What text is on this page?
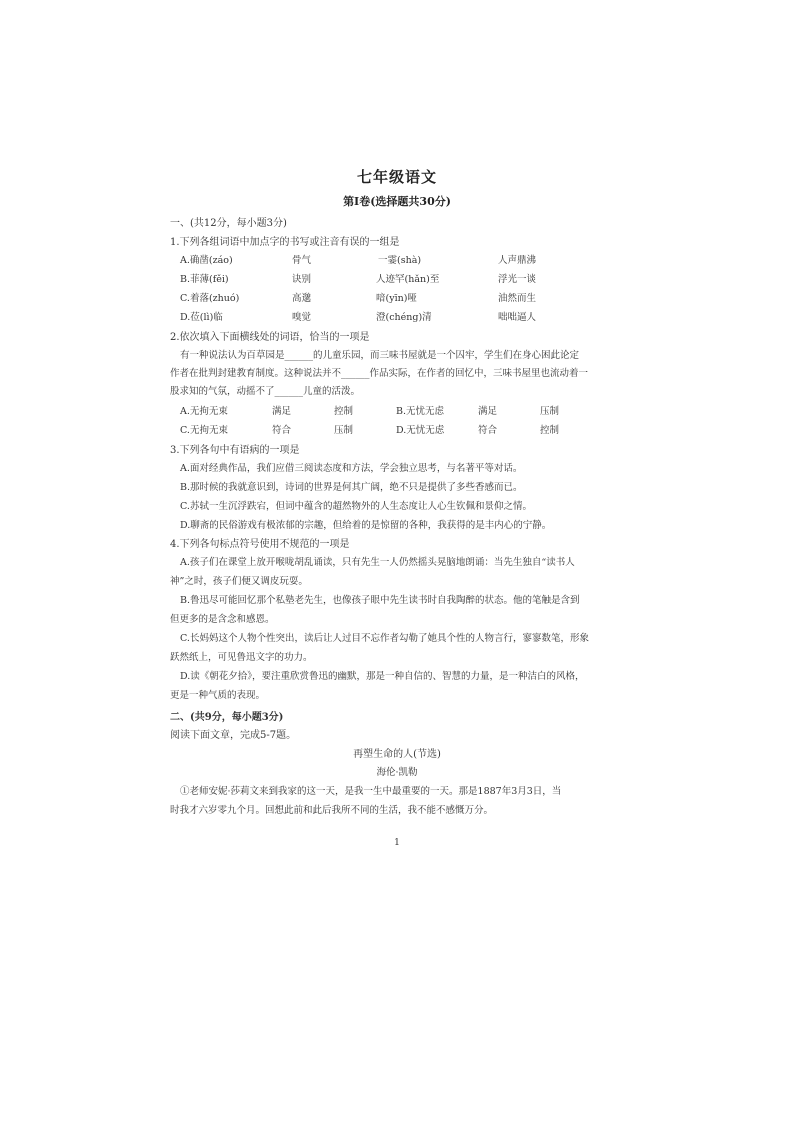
七年级语文
第Ⅰ卷(选择题共30分)
一、(共12分，每小题3分)
1.下列各组词语中加点字的书写或注音有误的一组是
A.确凿(záo)	骨气	一霎(shà)	人声鼎沸
B.菲薄(fěi)	诀别	人迹罕(hǎn)至	浮光一谈
C.着落(zhuó)	高邈	喑(yīn)哑	油然而生
D.莅(lì)临	嗅觉	澄(chéng)清	咄咄逼人
2.依次填入下面横线处的词语，恰当的一项是
有一种说法认为百草园是______的儿童乐园，而三味书屋就是一个囚牢，学生们在身心困此论定
作者在批判封建教育制度。这种说法并不______作品实际，在作者的回忆中，三味书屋里也流动着一
股求知的气氛，动摇不了______儿童的活泼。
A.无拘无束	满足	控制	B.无忧无虑	满足	压制
C.无拘无束	符合	压制	D.无忧无虑	符合	控制
3.下列各句中有语病的一项是
A.面对经典作品，我们应借三阅读态度和方法，学会独立思考，与名著平等对话。
B.那时候的我就意识到，诗词的世界是何其广阔，绝不只是提供了多些香感而已。
C.苏轼一生沉浮跌宕，但词中蕴含的超然物外的人生态度让人心生钦佩和景仰之情。
D.聊斋的民俗游戏有极浓郁的宗趣，但给着的是惊留的各种，我获得的是丰内心的宁静。
4.下列各句标点符号使用不规范的一项是
A.孩子们在课堂上放开喉咙胡乱诵读，只有先生一人仍然摇头晃脑地朗诵：当先生独自“读书人
神”之时，孩子们便又调皮玩耍。
B.鲁迅尽可能回忆那个私塾老先生，也像孩子眼中先生读书时自我陶醉的状态。他的笔触是含到
但更多的是含念和感恩。
C.长妈妈这个人物个性突出，读后让人过目不忘作者勾勒了她具个性的人物言行，寥寥数笔，形象
跃然纸上，可见鲁迅文字的功力。
D.读《朝花夕拾》，要注重欣赏鲁迅的幽默，那是一种自信的、智慧的力量，是一种洁白的风格，
更是一种气质的表现。
二、(共9分，每小题3分)
阅读下面文章，完成5-7题。
再塑生命的人(节选)
海伦·凯勒
①老师安妮·莎莉文来到我家的这一天，是我一生中最重要的一天。那是1887年3月3日，当
时我才六岁零九个月。回想此前和此后我所不同的生活，我不能不感慨万分。
1
